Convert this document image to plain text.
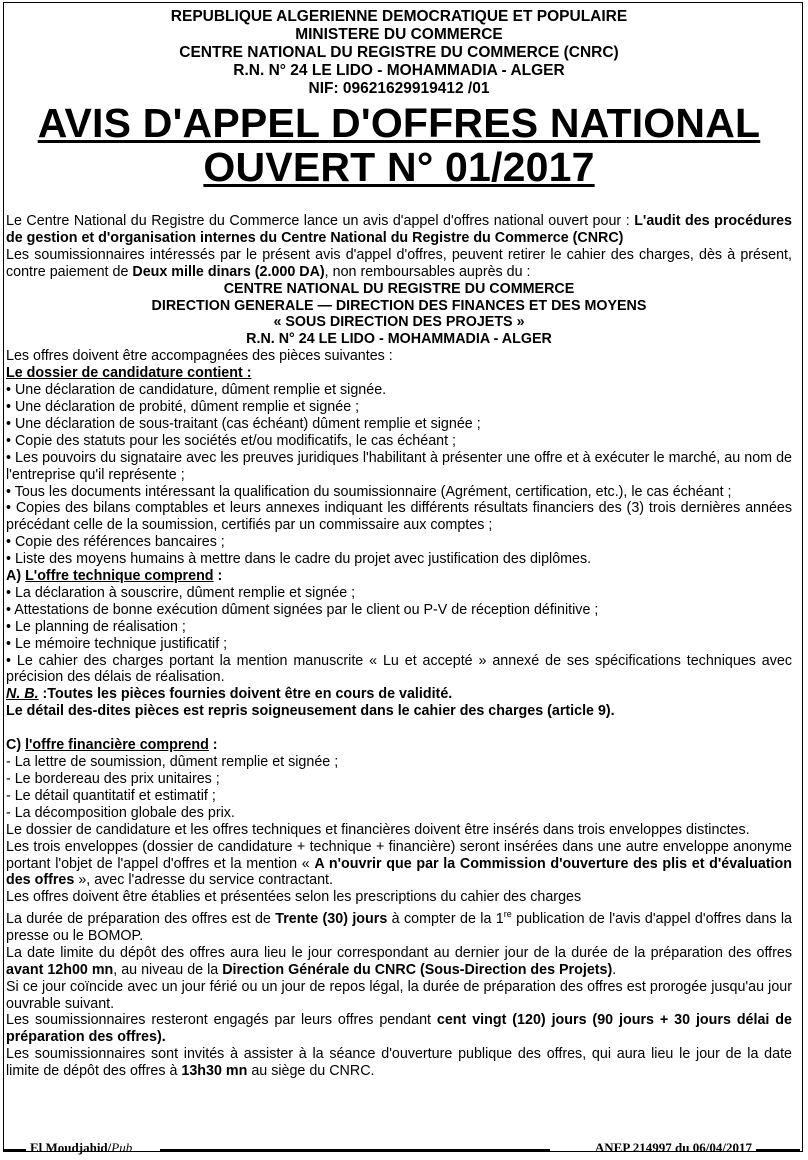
REPUBLIQUE ALGERIENNE DEMOCRATIQUE ET POPULAIRE
MINISTERE DU COMMERCE
CENTRE NATIONAL DU REGISTRE DU COMMERCE (CNRC)
R.N. N° 24 LE LIDO - MOHAMMADIA - ALGER
NIF: 09621629919412 /01
AVIS D'APPEL D'OFFRES NATIONAL
OUVERT N° 01/2017

Le Centre National du Registre du Commerce lance un avis d'appel d'offres national ouvert pour : L'audit des procédures de gestion et d'organisation internes du Centre National du Registre du Commerce (CNRC)

Les soumissionnaires intéressés par le présent avis d'appel d'offres, peuvent retirer le cahier des charges, dès à présent, contre paiement de Deux mille dinars (2.000 DA), non remboursables auprès du :

CENTRE NATIONAL DU REGISTRE DU COMMERCE
DIRECTION GENERALE — DIRECTION DES FINANCES ET DES MOYENS
« SOUS DIRECTION DES PROJETS »
R.N. N° 24 LE LIDO - MOHAMMADIA - ALGER

Les offres doivent être accompagnées des pièces suivantes :

Le dossier de candidature contient :

• Une déclaration de candidature, dûment remplie et signée.

• Une déclaration de probité, dûment remplie et signée ;

• Une déclaration de sous-traitant (cas échéant) dûment remplie et signée ;

• Copie des statuts pour les sociétés et/ou modificatifs, le cas échéant ;

• Les pouvoirs du signataire avec les preuves juridiques l'habilitant à présenter une offre et à exécuter le marché, au nom de l'entreprise qu'il représente ;

• Tous les documents intéressant la qualification du soumissionnaire (Agrément, certification, etc.), le cas échéant ;

• Copies des bilans comptables et leurs annexes indiquant les différents résultats financiers des (3) trois dernières années précédant celle de la soumission, certifiés par un commissaire aux comptes ;

• Copie des références bancaires ;

• Liste des moyens humains à mettre dans le cadre du projet avec justification des diplômes.

A) L'offre technique comprend :

• La déclaration à souscrire, dûment remplie et signée ;

• Attestations de bonne exécution dûment signées par le client ou P-V de réception définitive ;

• Le planning de réalisation ;

• Le mémoire technique justificatif ;

• Le cahier des charges portant la mention manuscrite « Lu et accepté » annexé de ses spécifications techniques avec précision des délais de réalisation.

N. B. :Toutes les pièces fournies doivent être en cours de validité.

Le détail des-dites pièces est repris soigneusement dans le cahier des charges (article 9).

C) l'offre financière comprend :

- La lettre de soumission, dûment remplie et signée ;

- Le bordereau des prix unitaires ;

- Le détail quantitatif et estimatif ;

- La décomposition globale des prix.

Le dossier de candidature et les offres techniques et financières doivent être insérés dans trois enveloppes distinctes.

Les trois enveloppes (dossier de candidature + technique + financière) seront insérées dans une autre enveloppe anonyme portant l'objet de l'appel d'offres et la mention « A n'ouvrir que par la Commission d'ouverture des plis et d'évaluation des offres », avec l'adresse du service contractant.

Les offres doivent être établies et présentées selon les prescriptions du cahier des charges

La durée de préparation des offres est de Trente (30) jours à compter de la 1re publication de l'avis d'appel d'offres dans la presse ou le BOMOP.

La date limite du dépôt des offres aura lieu le jour correspondant au dernier jour de la durée de la préparation des offres avant 12h00 mn, au niveau de la Direction Générale du CNRC (Sous-Direction des Projets).

Si ce jour coïncide avec un jour férié ou un jour de repos légal, la durée de préparation des offres est prorogée jusqu'au jour ouvrable suivant.

Les soumissionnaires resteront engagés par leurs offres pendant cent vingt (120) jours (90 jours + 30 jours délai de préparation des offres).

Les soumissionnaires sont invités à assister à la séance d'ouverture publique des offres, qui aura lieu le jour de la date limite de dépôt des offres à 13h30 mn au siège du CNRC.

El Moudjahid/Pub	ANEP 214997 du 06/04/2017
